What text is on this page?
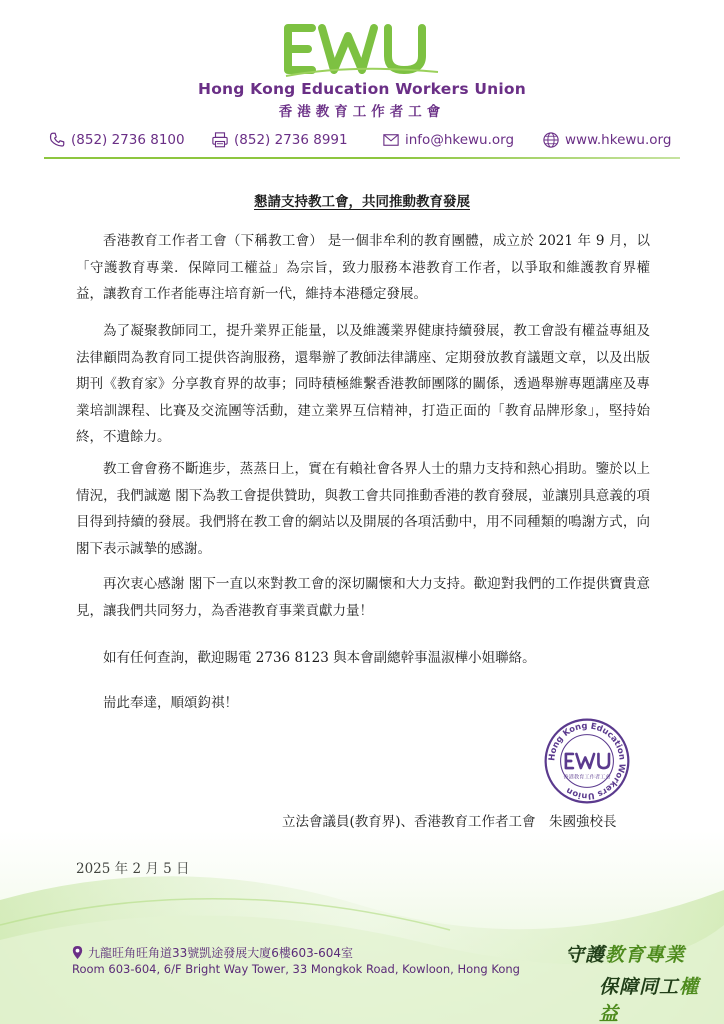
Hong Kong Education Workers Union
香港教育工作者工會
(852) 2736 8100	(852) 2736 8991	info@hkewu.org	www.hkewu.org
懇請支持教工會，共同推動教育發展

香港教育工作者工會（下稱教工會） 是一個非牟利的教育團體，成立於 2021 年 9 月，以「守護教育專業．保障同工權益」為宗旨，致力服務本港教育工作者，以爭取和維護教育界權益，讓教育工作者能專注培育新一代，維持本港穩定發展。

為了凝聚教師同工，提升業界正能量，以及維護業界健康持續發展，教工會設有權益專組及法律顧問為教育同工提供咨詢服務，還舉辦了教師法律講座、定期發放教育議題文章，以及出版期刊《教育家》分享教育界的故事；同時積極維繫香港教師團隊的關係，透過舉辦專題講座及專業培訓課程、比賽及交流團等活動，建立業界互信精神，打造正面的「教育品牌形象」，堅持始終，不遺餘力。

教工會會務不斷進步，蒸蒸日上，實在有賴社會各界人士的鼎力支持和熱心捐助。鑒於以上情況，我們誠邀 閣下為教工會提供贊助，與教工會共同推動香港的教育發展，並讓別具意義的項目得到持續的發展。我們將在教工會的網站以及開展的各項活動中，用不同種類的鳴謝方式，向閣下表示誠摯的感謝。

再次衷心感謝 閣下一直以來對教工會的深切關懷和大力支持。歡迎對我們的工作提供寶貴意見，讓我們共同努力，為香港教育事業貢獻力量！

如有任何查詢，歡迎賜電 2736 8123 與本會副總幹事温淑樺小姐聯絡。

耑此奉達，順頌鈞祺！

Hong Kong Education Workers Union
香港教育工作者工會
立法會議員(教育界)、香港教育工作者工會　朱國強校長
九龍旺角旺角道33號凱途發展大廈6樓603-604室
Room 603-604, 6/F Bright Way Tower, 33 Mongkok Road, Kowloon, Hong Kong
守護教育專業
保障同工權益
